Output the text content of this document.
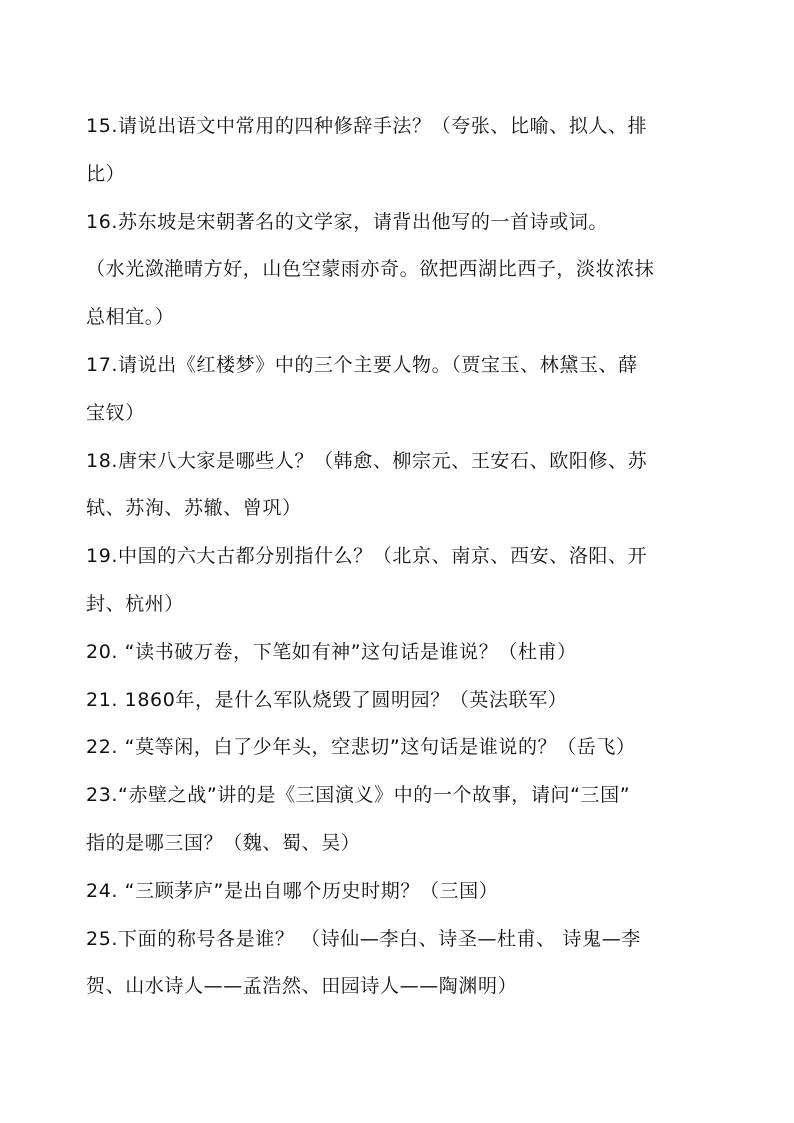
15.请说出语文中常用的四种修辞手法？（夸张、比喻、拟人、排
比）
16.苏东坡是宋朝著名的文学家，请背出他写的一首诗或词。
（水光潋滟晴方好，山色空蒙雨亦奇。欲把西湖比西子，淡妆浓抹
总相宜。）
17.请说出《红楼梦》中的三个主要人物。（贾宝玉、林黛玉、薛
宝钗）
18.唐宋八大家是哪些人？（韩愈、柳宗元、王安石、欧阳修、苏
轼、苏洵、苏辙、曾巩）
19.中国的六大古都分别指什么？（北京、南京、西安、洛阳、开
封、杭州）
20. “读书破万卷，下笔如有神”这句话是谁说？（杜甫）
21. 1860年，是什么军队烧毁了圆明园？（英法联军）
22. “莫等闲，白了少年头，空悲切”这句话是谁说的？（岳飞）
23.“赤壁之战”讲的是《三国演义》中的一个故事，请问“三国”
指的是哪三国？（魏、蜀、吴）
24. “三顾茅庐”是出自哪个历史时期？（三国）
25.下面的称号各是谁？ （诗仙—李白、诗圣—杜甫、 诗鬼—李
贺、山水诗人——孟浩然、田园诗人——陶渊明）
